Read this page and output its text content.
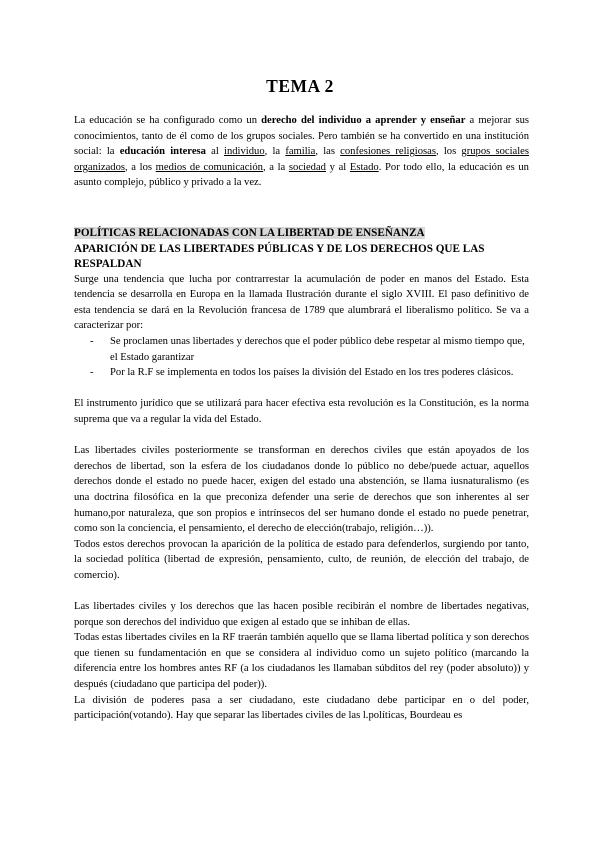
TEMA 2
La educación se ha configurado como un derecho del individuo a aprender y enseñar a mejorar sus conocimientos, tanto de él como de los grupos sociales. Pero también se ha convertido en una institución social: la educación interesa al individuo, la familia, las confesiones religiosas, los grupos sociales organizados, a los medios de comunicación, a la sociedad y al Estado. Por todo ello, la educación es un asunto complejo, público y privado a la vez.
POLÍTICAS RELACIONADAS CON LA LIBERTAD DE ENSEÑANZA
APARICIÓN DE LAS LIBERTADES PÚBLICAS Y DE LOS DERECHOS QUE LAS RESPALDAN

Surge una tendencia que lucha por contrarrestar la acumulación de poder en manos del Estado. Esta tendencia se desarrolla en Europa en la llamada Ilustración durante el siglo XVIII. El paso definitivo de esta tendencia se dará en la Revolución francesa de 1789 que alumbrará el liberalismo político. Se va a caracterizar por:

- Se proclamen unas libertades y derechos que el poder público debe respetar al mismo tiempo que, el Estado garantizar
- Por la R.F se implementa en todos los países la división del Estado en los tres poderes clásicos.

El instrumento jurídico que se utilizará para hacer efectiva esta revolución es la Constitución, es la norma suprema que va a regular la vida del Estado.

Las libertades civiles posteriormente se transforman en derechos civiles que están apoyados de los derechos de libertad, son la esfera de los ciudadanos donde lo público no debe/puede actuar, aquellos derechos donde el estado no puede hacer, exigen del estado una abstención, se llama iusnaturalismo (es una doctrina filosófica en la que preconiza defender una serie de derechos que son inherentes al ser humano,por naturaleza, que son propios e intrínsecos del ser humano donde el estado no puede penetrar, como son la conciencia, el pensamiento, el derecho de elección(trabajo, religión…)).

Todos estos derechos provocan la aparición de la política de estado para defenderlos, surgiendo por tanto, la sociedad política (libertad de expresión, pensamiento, culto, de reunión, de elección del trabajo, de comercio).

Las libertades civiles y los derechos que las hacen posible recibirán el nombre de libertades negativas, porque son derechos del individuo que exigen al estado que se inhiban de ellas.

Todas estas libertades civiles en la RF traerán también aquello que se llama libertad política y son derechos que tienen su fundamentación en que se considera al individuo como un sujeto político (marcando la diferencia entre los hombres antes RF (a los ciudadanos les llamaban súbditos del rey (poder absoluto)) y después (ciudadano que participa del poder)).

La división de poderes pasa a ser ciudadano, este ciudadano debe participar en o del poder, participación(votando). Hay que separar las libertades civiles de las l.políticas, Bourdeau es
